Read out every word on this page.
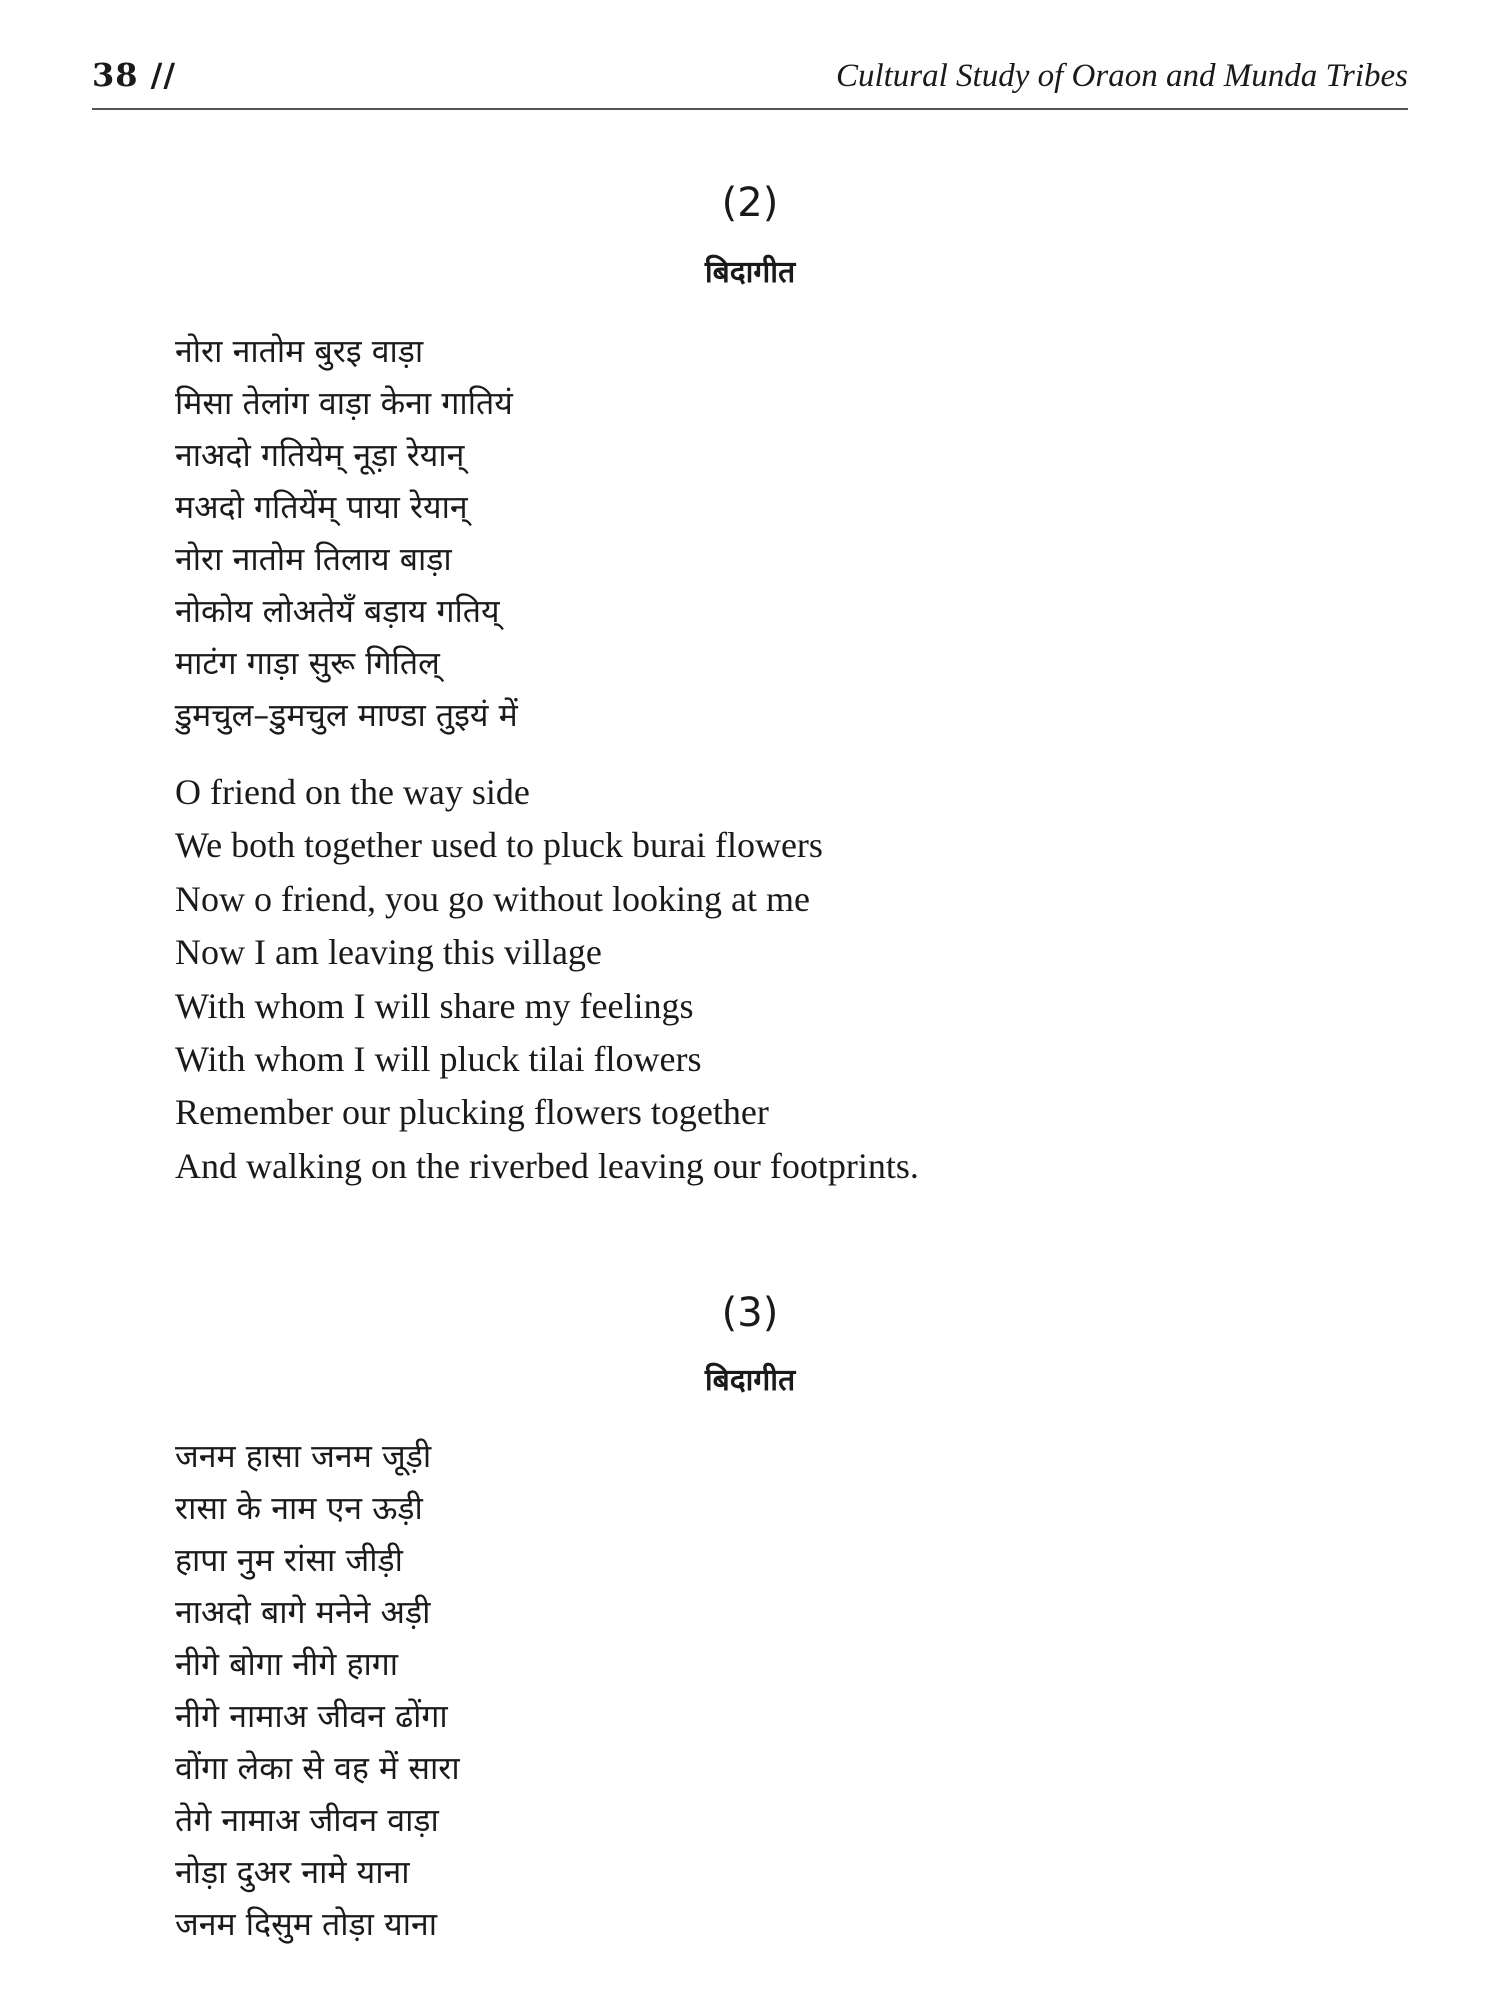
38 //	Cultural Study of Oraon and Munda Tribes
(2)
बिदागीत
नोरा नातोम बुरइ वाड़ा
मिसा तेलांग वाड़ा केना गातियं
नाअदो गतियेम् नूड़ा रेयान्
मअदो गतियेंम् पाया रेयान्
नोरा नातोम तिलाय बाड़ा
नोकोय लोअतेयँ बड़ाय गतिय्
माटंग गाड़ा सुरू गितिल्
डुमचुल–डुमचुल माण्डा तुइयं में
O friend on the way side
We both together used to pluck burai flowers
Now o friend, you go without looking at me
Now I am leaving this village
With whom I will share my feelings
With whom I will pluck tilai flowers
Remember our plucking flowers together
And walking on the riverbed leaving our footprints.
(3)
बिदागीत
जनम हासा जनम जूड़ी
रासा के नाम एन ऊड़ी
हापा नुम रांसा जीड़ी
नाअदो बागे मनेने अड़ी
नीगे बोगा नीगे हागा
नीगे नामाअ जीवन ढोंगा
वोंगा लेका से वह में सारा
तेगे नामाअ जीवन वाड़ा
नोड़ा दुअर नामे याना
जनम दिसुम तोड़ा याना
